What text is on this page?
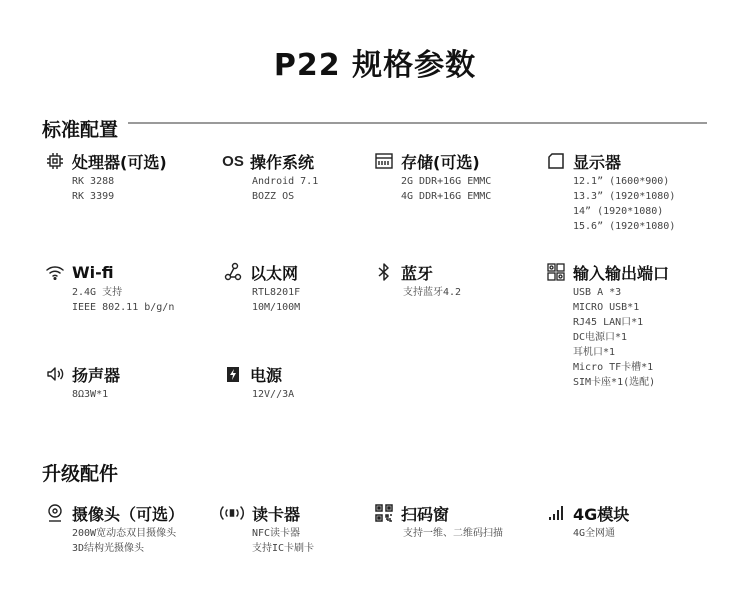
P22 规格参数
标准配置
处理器(可选)
RK 3288
RK 3399
OS 操作系统
Android 7.1
BOZZ OS
存储(可选)
2G DDR+16G EMMC
4G DDR+16G EMMC
显示器
12.1” (1600*900)
13.3” (1920*1080)
14” (1920*1080)
15.6” (1920*1080)
Wi-fi
2.4G 支持
IEEE 802.11 b/g/n
以太网
RTL8201F
10M/100M
蓝牙
支持蓝牙4.2
输入输出端口
USB A *3
MICRO USB*1
RJ45 LAN口*1
DC电源口*1
耳机口*1
Micro TF卡槽*1
SIM卡座*1(选配)
扬声器
8Ω3W*1
电源
12V//3A
升级配件
摄像头（可选）
200W宽动态双目摄像头
3D结构光摄像头
读卡器
NFC读卡器
支持IC卡刷卡
扫码窗
支持一维、二维码扫描
4G模块
4G全网通
